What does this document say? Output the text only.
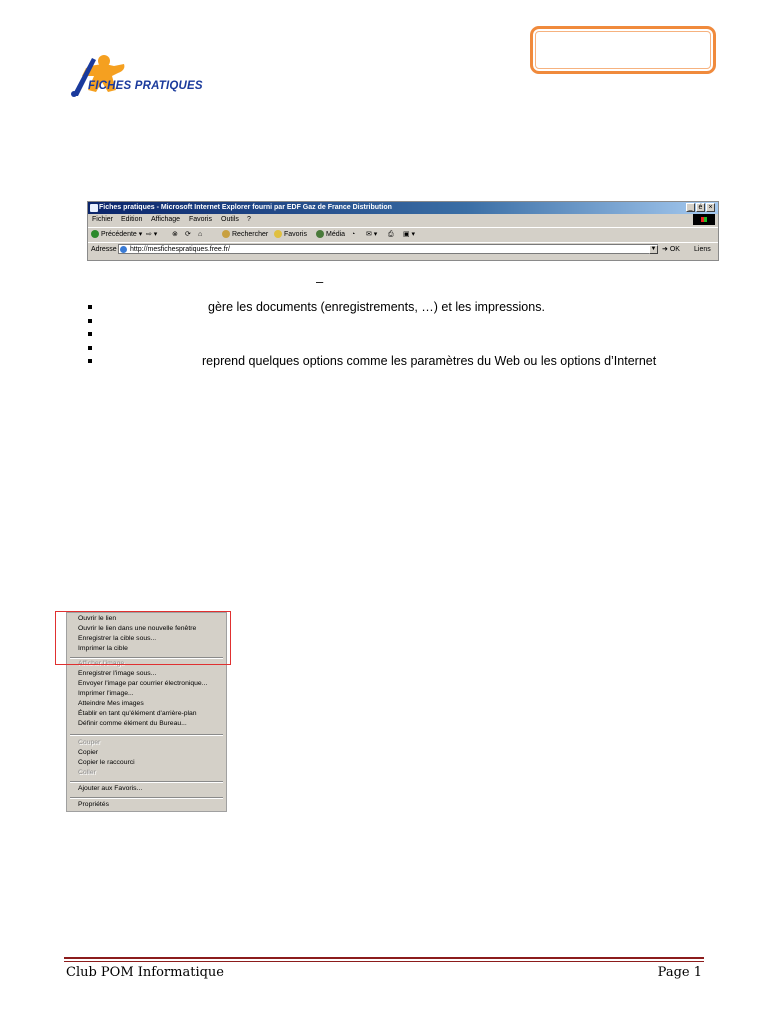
FICHES PRATIQUES
Fiches pratiques - Microsoft Internet Explorer fourni par EDF Gaz de France Distribution	_ é ×
Fichier Edition Affichage Favoris Outils ?
Précédente ▾ ⇨ ▾ ⊗ ⟳ ⌂	Rechercher	Favoris	Média ◔ ✉ ▾ ⎙ ▣ ▾
Adresse	http://mesfichespratiques.free.fr/	▼ ➜ OK Liens
–
gère les documents (enregistrements, …) et les impressions.
reprend quelques options comme les paramètres du Web ou les options d’Internet
Ouvrir le lien
Ouvrir le lien dans une nouvelle fenêtre
Enregistrer la cible sous...
Imprimer la cible
Afficher l'image
Enregistrer l'image sous...
Envoyer l'image par courrier électronique...
Imprimer l'image...
Atteindre Mes images
Établir en tant qu'élément d'arrière-plan
Définir comme élément du Bureau...
Couper
Copier
Copier le raccourci
Coller
Ajouter aux Favoris...
Propriétés
Club POM Informatique	Page 1
